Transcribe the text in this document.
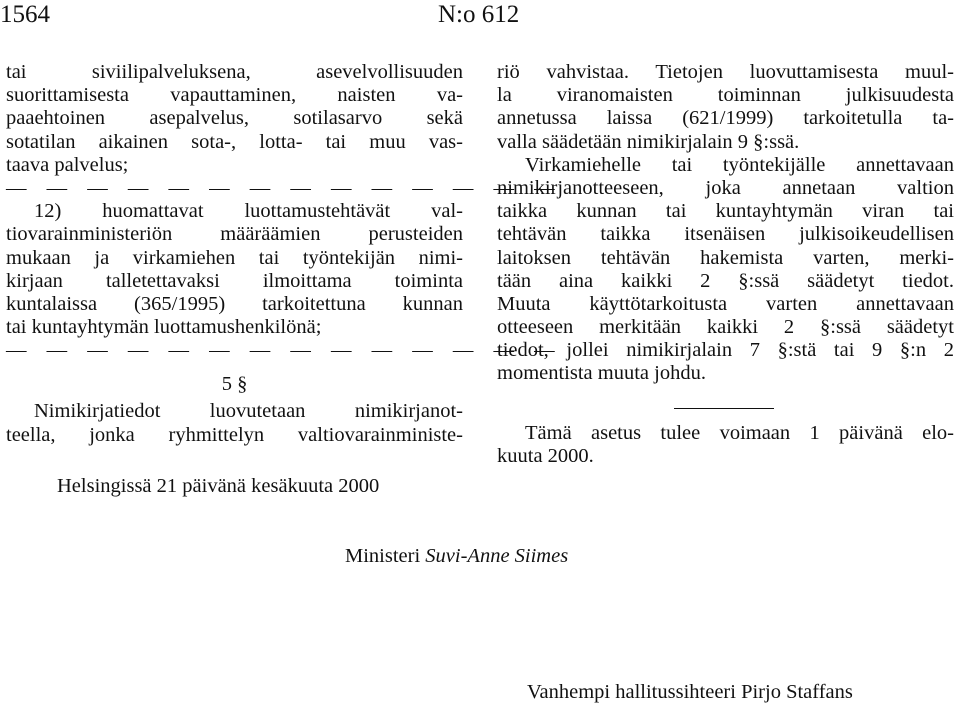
1564	N:o 612
tai siviilipalveluksena, asevelvollisuuden
suorittamisesta vapauttaminen, naisten va-
paaehtoinen asepalvelus, sotilasarvo sekä
sotatilan aikainen sota-, lotta- tai muu vas-
taava palvelus;
— — — — — — — — — — — — — —
12) huomattavat luottamustehtävät val-
tiovarainministeriön määräämien perusteiden
mukaan ja virkamiehen tai työntekijän nimi-
kirjaan talletettavaksi ilmoittama toiminta
kuntalaissa (365/1995) tarkoitettuna kunnan
tai kuntayhtymän luottamushenkilönä;
— — — — — — — — — — — — — —
5 §
Nimikirjatiedot luovutetaan nimikirjanot-
teella, jonka ryhmittelyn valtiovarainministe-
riö vahvistaa. Tietojen luovuttamisesta muul-
la viranomaisten toiminnan julkisuudesta
annetussa laissa (621/1999) tarkoitetulla ta-
valla säädetään nimikirjalain 9 §:ssä.
Virkamiehelle tai työntekijälle annettavaan
nimikirjanotteeseen, joka annetaan valtion
taikka kunnan tai kuntayhtymän viran tai
tehtävän taikka itsenäisen julkisoikeudellisen
laitoksen tehtävän hakemista varten, merki-
tään aina kaikki 2 §:ssä säädetyt tiedot.
Muuta käyttötarkoitusta varten annettavaan
otteeseen merkitään kaikki 2 §:ssä säädetyt
tiedot, jollei nimikirjalain 7 §:stä tai 9 §:n 2
momentista muuta johdu.
Tämä asetus tulee voimaan 1 päivänä elo-
kuuta 2000.
Helsingissä 21 päivänä kesäkuuta 2000
Ministeri Suvi-Anne Siimes
Vanhempi hallitussihteeri Pirjo Staffans
